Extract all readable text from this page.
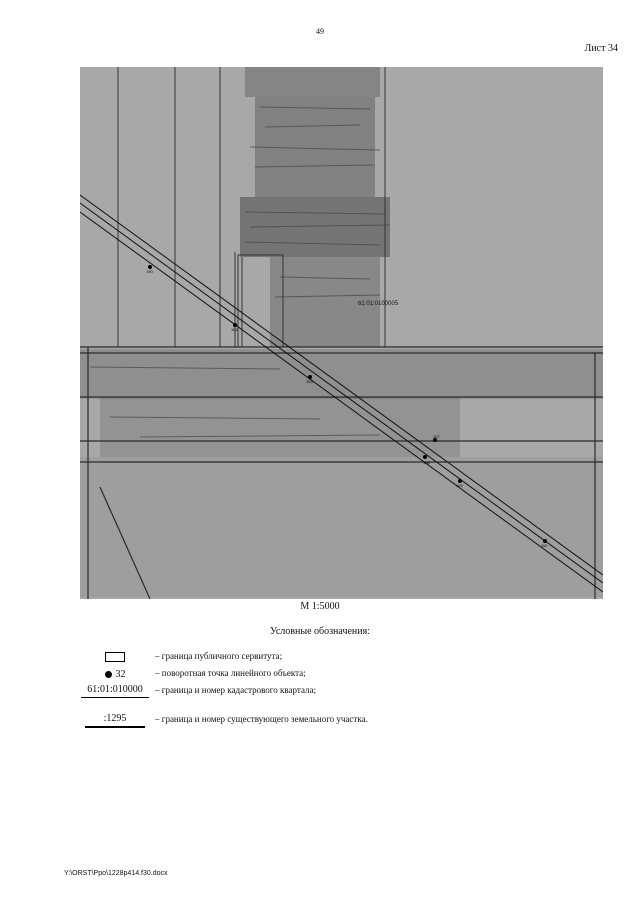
49
Лист 34
190
102
103
107
108
109
110
61:01:0100005
М 1:5000
Условные обозначения:
– граница публичного сервитута;
32	– поворотная точка линейного объекта;
61:01:010000	– граница и номер кадастрового квартала;
:1295	– граница и номер существующего земельного участка.
Y:\ORST\Ppo\1228p414.f30.docx
